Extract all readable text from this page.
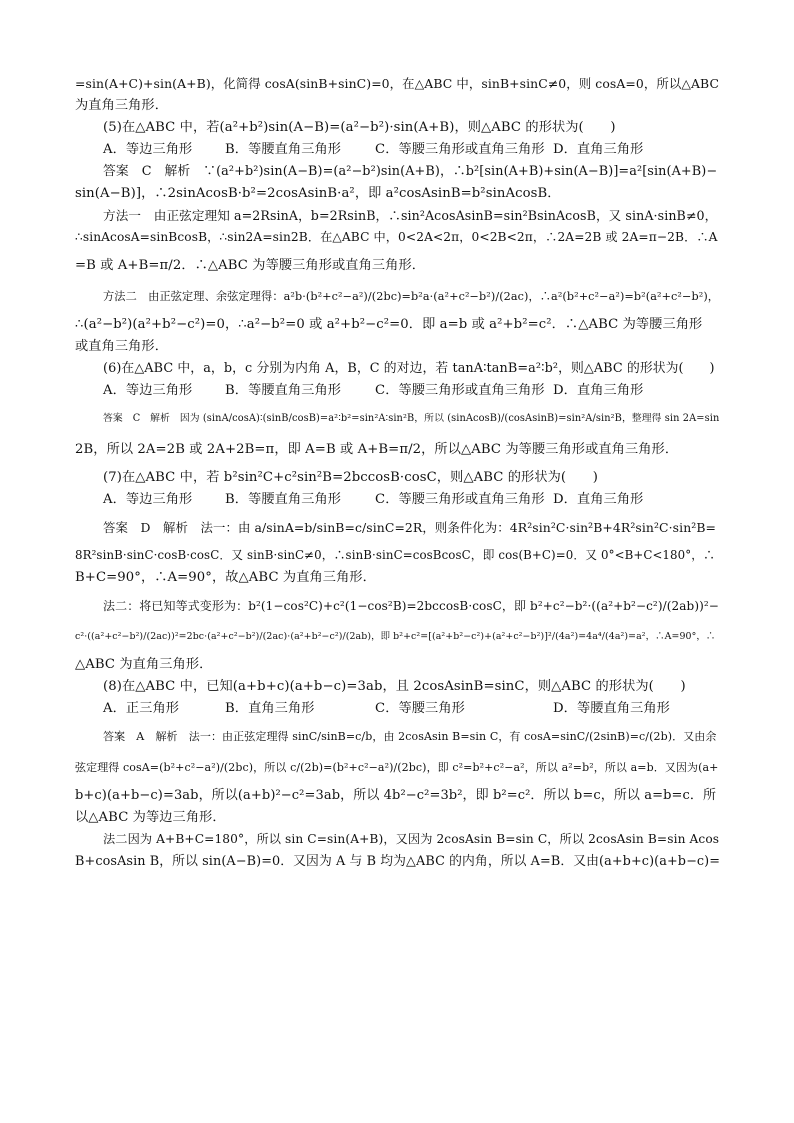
=sin(A+C)+sin(A+B)，化简得 cosA(sinB+sinC)=0，在△ABC 中，sinB+sinC≠0，则 cosA=0，所以△ABC

为直角三角形．

(5)在△ABC 中，若(a²+b²)sin(A−B)=(a²−b²)·sin(A+B)，则△ABC 的形状为(　　)

A．等边三角形 B．等腰直角三角形	C．等腰三角形或直角三角形 D．直角三角形

答案　C　解析　∵(a²+b²)sin(A−B)=(a²−b²)sin(A+B)，∴b²[sin(A+B)+sin(A−B)]=a²[sin(A+B)−

sin(A−B)]，∴2sinAcosB·b²=2cosAsinB·a²，即 a²cosAsinB=b²sinAcosB．

方法一　由正弦定理知 a=2RsinA，b=2RsinB，∴sin²AcosAsinB=sin²BsinAcosB，又 sinA·sinB≠0，

∴sinAcosA=sinBcosB，∴sin2A=sin2B．在△ABC 中，0<2A<2π，0<2B<2π，∴2A=2B 或 2A=π−2B．∴A

=B 或 A+B=π/2．∴△ABC 为等腰三角形或直角三角形．

方法二　由正弦定理、余弦定理得：a²b·(b²+c²−a²)/(2bc)=b²a·(a²+c²−b²)/(2ac)，∴a²(b²+c²−a²)=b²(a²+c²−b²)，

∴(a²−b²)(a²+b²−c²)=0，∴a²−b²=0 或 a²+b²−c²=0．即 a=b 或 a²+b²=c²．∴△ABC 为等腰三角形

或直角三角形．

(6)在△ABC 中，a，b，c 分别为内角 A，B，C 的对边，若 tanA∶tanB=a²∶b²，则△ABC 的形状为(　　)

A．等边三角形 B．等腰直角三角形	C．等腰三角形或直角三角形 D．直角三角形

答案　C　解析　因为 (sinA/cosA)∶(sinB/cosB)=a²∶b²=sin²A∶sin²B，所以 (sinAcosB)/(cosAsinB)=sin²A/sin²B，整理得 sin 2A=sin

2B，所以 2A=2B 或 2A+2B=π，即 A=B 或 A+B=π/2，所以△ABC 为等腰三角形或直角三角形．

(7)在△ABC 中，若 b²sin²C+c²sin²B=2bccosB·cosC，则△ABC 的形状为(　　)

A．等边三角形 B．等腰直角三角形	C．等腰三角形或直角三角形 D．直角三角形

答案　D　解析　法一：由 a/sinA=b/sinB=c/sinC=2R，则条件化为：4R²sin²C·sin²B+4R²sin²C·sin²B=

8R²sinB·sinC·cosB·cosC．又 sinB·sinC≠0，∴sinB·sinC=cosBcosC，即 cos(B+C)=0．又 0°<B+C<180°，∴

B+C=90°，∴A=90°，故△ABC 为直角三角形．

法二：将已知等式变形为：b²(1−cos²C)+c²(1−cos²B)=2bccosB·cosC，即 b²+c²−b²·((a²+b²−c²)/(2ab))²−

c²·((a²+c²−b²)/(2ac))²=2bc·(a²+c²−b²)/(2ac)·(a²+b²−c²)/(2ab)，即 b²+c²=[(a²+b²−c²)+(a²+c²−b²)]²/(4a²)=4a⁴/(4a²)=a²，∴A=90°，∴

△ABC 为直角三角形．

(8)在△ABC 中，已知(a+b+c)(a+b−c)=3ab，且 2cosAsinB=sinC，则△ABC 的形状为(　　)

A．正三角形	B．直角三角形	C．等腰三角形	D．等腰直角三角形

答案　A　解析　法一：由正弦定理得 sinC/sinB=c/b，由 2cosAsin B=sin C，有 cosA=sinC/(2sinB)=c/(2b)．又由余

弦定理得 cosA=(b²+c²−a²)/(2bc)，所以 c/(2b)=(b²+c²−a²)/(2bc)，即 c²=b²+c²−a²，所以 a²=b²，所以 a=b．又因为(a+

b+c)(a+b−c)=3ab，所以(a+b)²−c²=3ab，所以 4b²−c²=3b²，即 b²=c²．所以 b=c，所以 a=b=c．所

以△ABC 为等边三角形．

法二因为 A+B+C=180°，所以 sin C=sin(A+B)，又因为 2cosAsin B=sin C，所以 2cosAsin B=sin Acos

B+cosAsin B，所以 sin(A−B)=0．又因为 A 与 B 均为△ABC 的内角，所以 A=B．又由(a+b+c)(a+b−c)=
